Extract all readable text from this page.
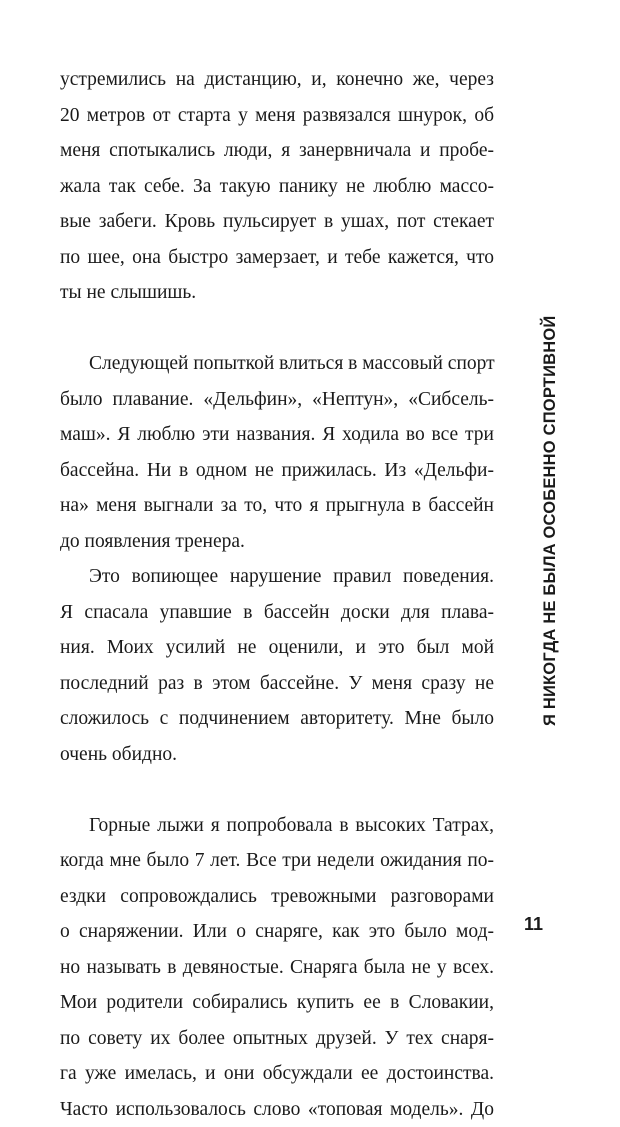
устремились на дистанцию, и, конечно же, через
20 метров от старта у меня развязался шнурок, об
меня спотыкались люди, я занервничала и пробе-
жала так себе. За такую панику не люблю массо-
вые забеги. Кровь пульсирует в ушах, пот стекает
по шее, она быстро замерзает, и тебе кажется, что
ты не слышишь.
Следующей попыткой влиться в массовый спорт
было плавание. «Дельфин», «Нептун», «Сибсель-
маш». Я люблю эти названия. Я ходила во все три
бассейна. Ни в одном не прижилась. Из «Дельфи-
на» меня выгнали за то, что я прыгнула в бассейн
до появления тренера.
Это вопиющее нарушение правил поведения.
Я спасала упавшие в бассейн доски для плава-
ния. Моих усилий не оценили, и это был мой
последний раз в этом бассейне. У меня сразу не
сложилось с подчинением авторитету. Мне было
очень обидно.
Горные лыжи я попробовала в высоких Татрах,
когда мне было 7 лет. Все три недели ожидания по-
ездки сопровождались тревожными разговорами
о снаряжении. Или о снаряге, как это было мод-
но называть в девяностые. Снаряга была не у всех.
Мои родители собирались купить ее в Словакии,
по совету их более опытных друзей. У тех снаря-
га уже имелась, и они обсуждали ее достоинства.
Часто использовалось слово «топовая модель». До
Я НИКОГДА НЕ БЫЛА ОСОБЕННО СПОРТИВНОЙ
11
